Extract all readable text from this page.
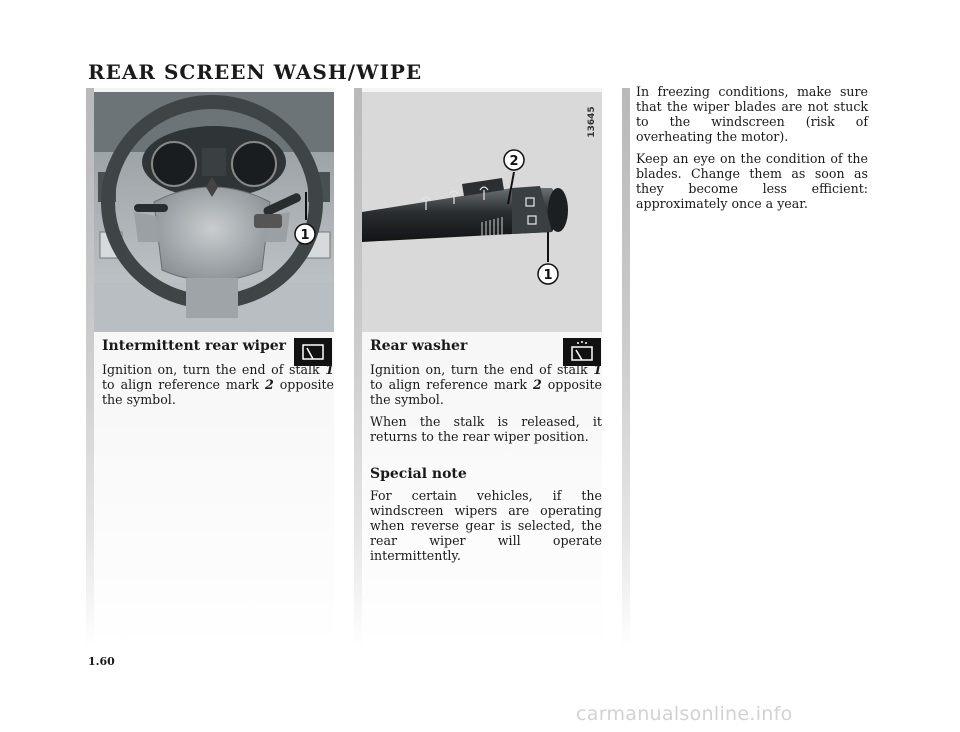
REAR SCREEN WASH/WIPE
1
13645
2
1
Intermittent rear wiper

Ignition on, turn the end of stalk 1 to align reference mark 2 opposite the symbol.

Rear washer

Ignition on, turn the end of stalk 1 to align reference mark 2 opposite the symbol.

When the stalk is released, it returns to the rear wiper position.

Special note

For certain vehicles, if the windscreen wipers are operating when reverse gear is selected, the rear wiper will operate intermittently.

In freezing conditions, make sure that the wiper blades are not stuck to the windscreen (risk of overheating the motor).

Keep an eye on the condition of the blades. Change them as soon as they become less efficient: approximately once a year.

1.60
carmanualsonline.info
